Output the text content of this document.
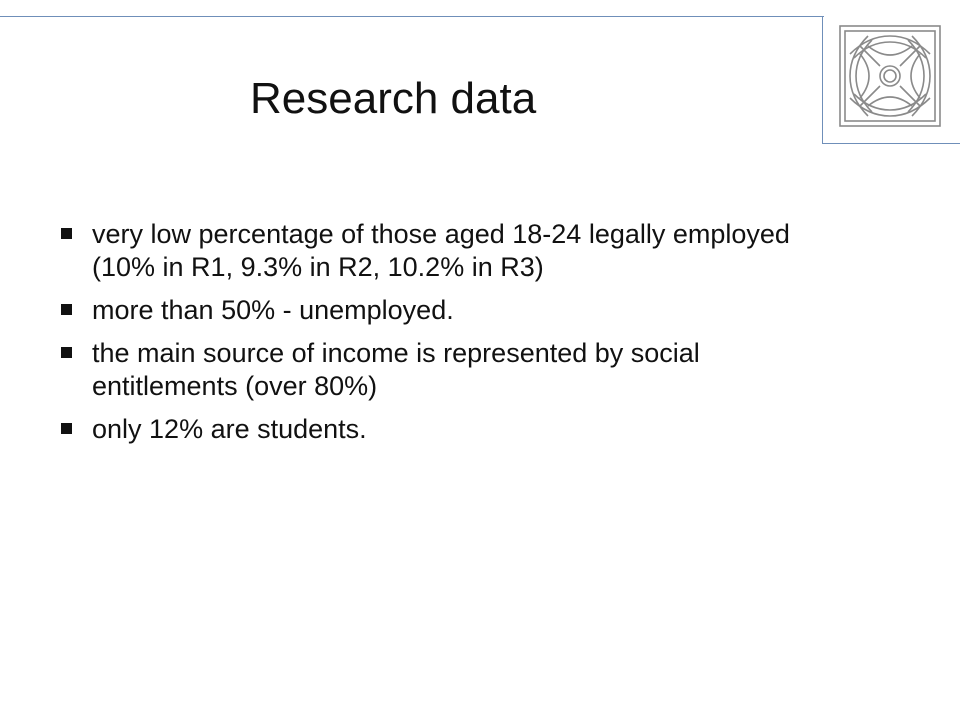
Research data
very low percentage of those aged 18-24 legally employed (10% in R1, 9.3% in R2, 10.2% in R3)
more than 50% - unemployed.
the main source of income is represented by social entitlements (over 80%)
only 12% are students.
